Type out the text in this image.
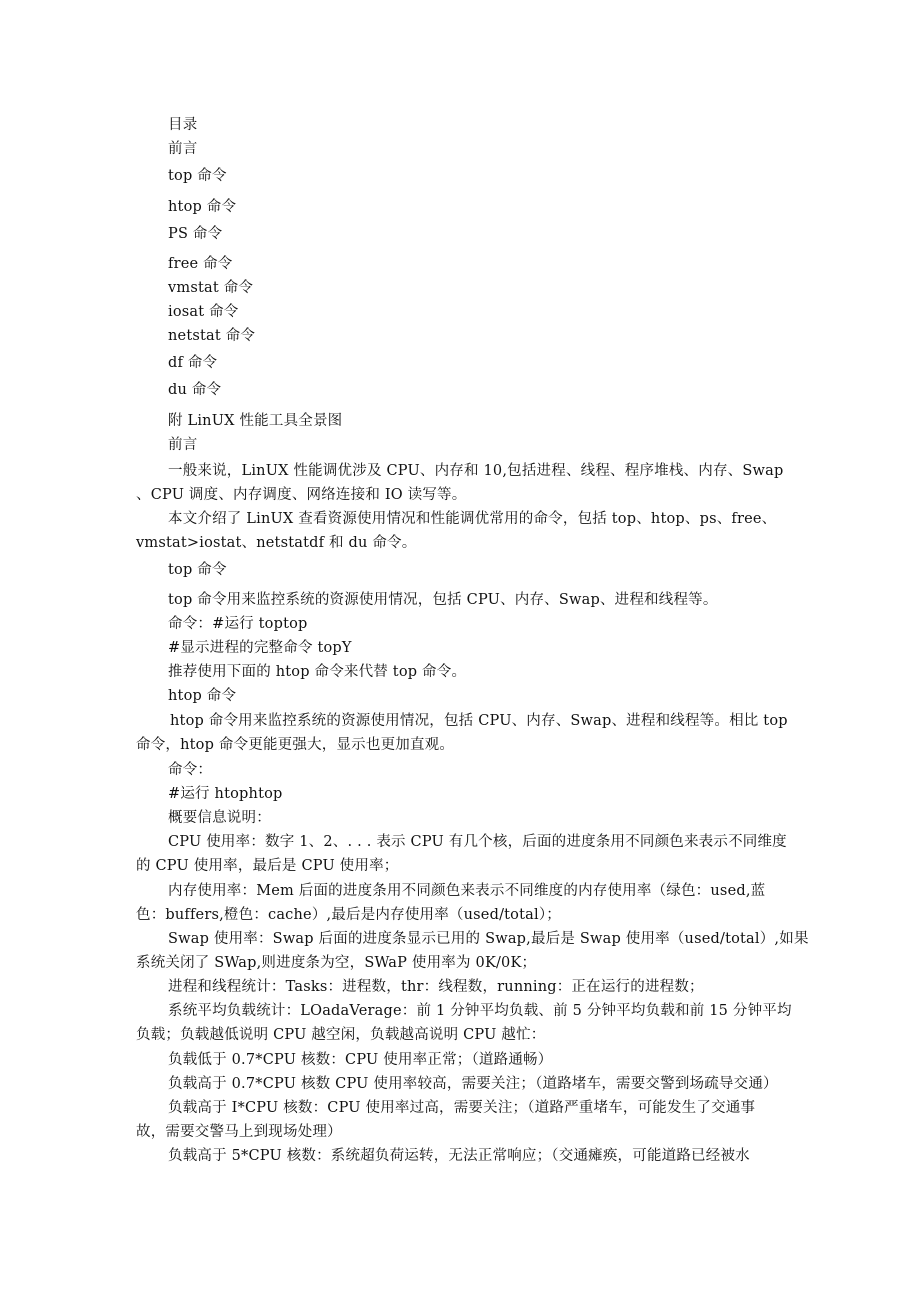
目录
前言
top 命令
htop 命令
PS 命令
free 命令
vmstat 命令
iosat 命令
netstat 命令
df 命令
du 命令
附 LinUX 性能工具全景图
前言
一般来说，LinUX 性能调优涉及 CPU、内存和 10,包括进程、线程、程序堆栈、内存、Swap
、CPU 调度、内存调度、网络连接和 IO 读写等。
本文介绍了 LinUX 查看资源使用情况和性能调优常用的命令，包括 top、htop、ps、free、
vmstat>iostat、netstatdf 和 du 命令。
top 命令
top 命令用来监控系统的资源使用情况，包括 CPU、内存、Swap、进程和线程等。
命令：#运行 toptop
#显示进程的完整命令 topY
推荐使用下面的 htop 命令来代替 top 命令。
htop 命令
htop 命令用来监控系统的资源使用情况，包括 CPU、内存、Swap、进程和线程等。相比 top
命令，htop 命令更能更强大，显示也更加直观。
命令：
#运行 htophtop
概要信息说明：
CPU 使用率：数字 1、2、. . . 表示 CPU 有几个核，后面的进度条用不同颜色来表示不同维度
的 CPU 使用率，最后是 CPU 使用率；
内存使用率：Mem 后面的进度条用不同颜色来表示不同维度的内存使用率（绿色：used,蓝
色：buffers,橙色：cache）,最后是内存使用率（used/total）；
Swap 使用率：Swap 后面的进度条显示已用的 Swap,最后是 Swap 使用率（used/total）,如果
系统关闭了 SWap,则进度条为空，SWaP 使用率为 0K/0K；
进程和线程统计：Tasks：进程数，thr：线程数，running：正在运行的进程数；
系统平均负载统计：LOadaVerage：前 1 分钟平均负载、前 5 分钟平均负载和前 15 分钟平均
负载；负载越低说明 CPU 越空闲，负载越高说明 CPU 越忙：
负载低于 0.7*CPU 核数：CPU 使用率正常；（道路通畅）
负载高于 0.7*CPU 核数 CPU 使用率较高，需要关注；（道路堵车，需要交警到场疏导交通）
负载高于 I*CPU 核数：CPU 使用率过高，需要关注；（道路严重堵车，可能发生了交通事
故，需要交警马上到现场处理）
负载高于 5*CPU 核数：系统超负荷运转，无法正常响应；（交通瘫痪，可能道路已经被水
